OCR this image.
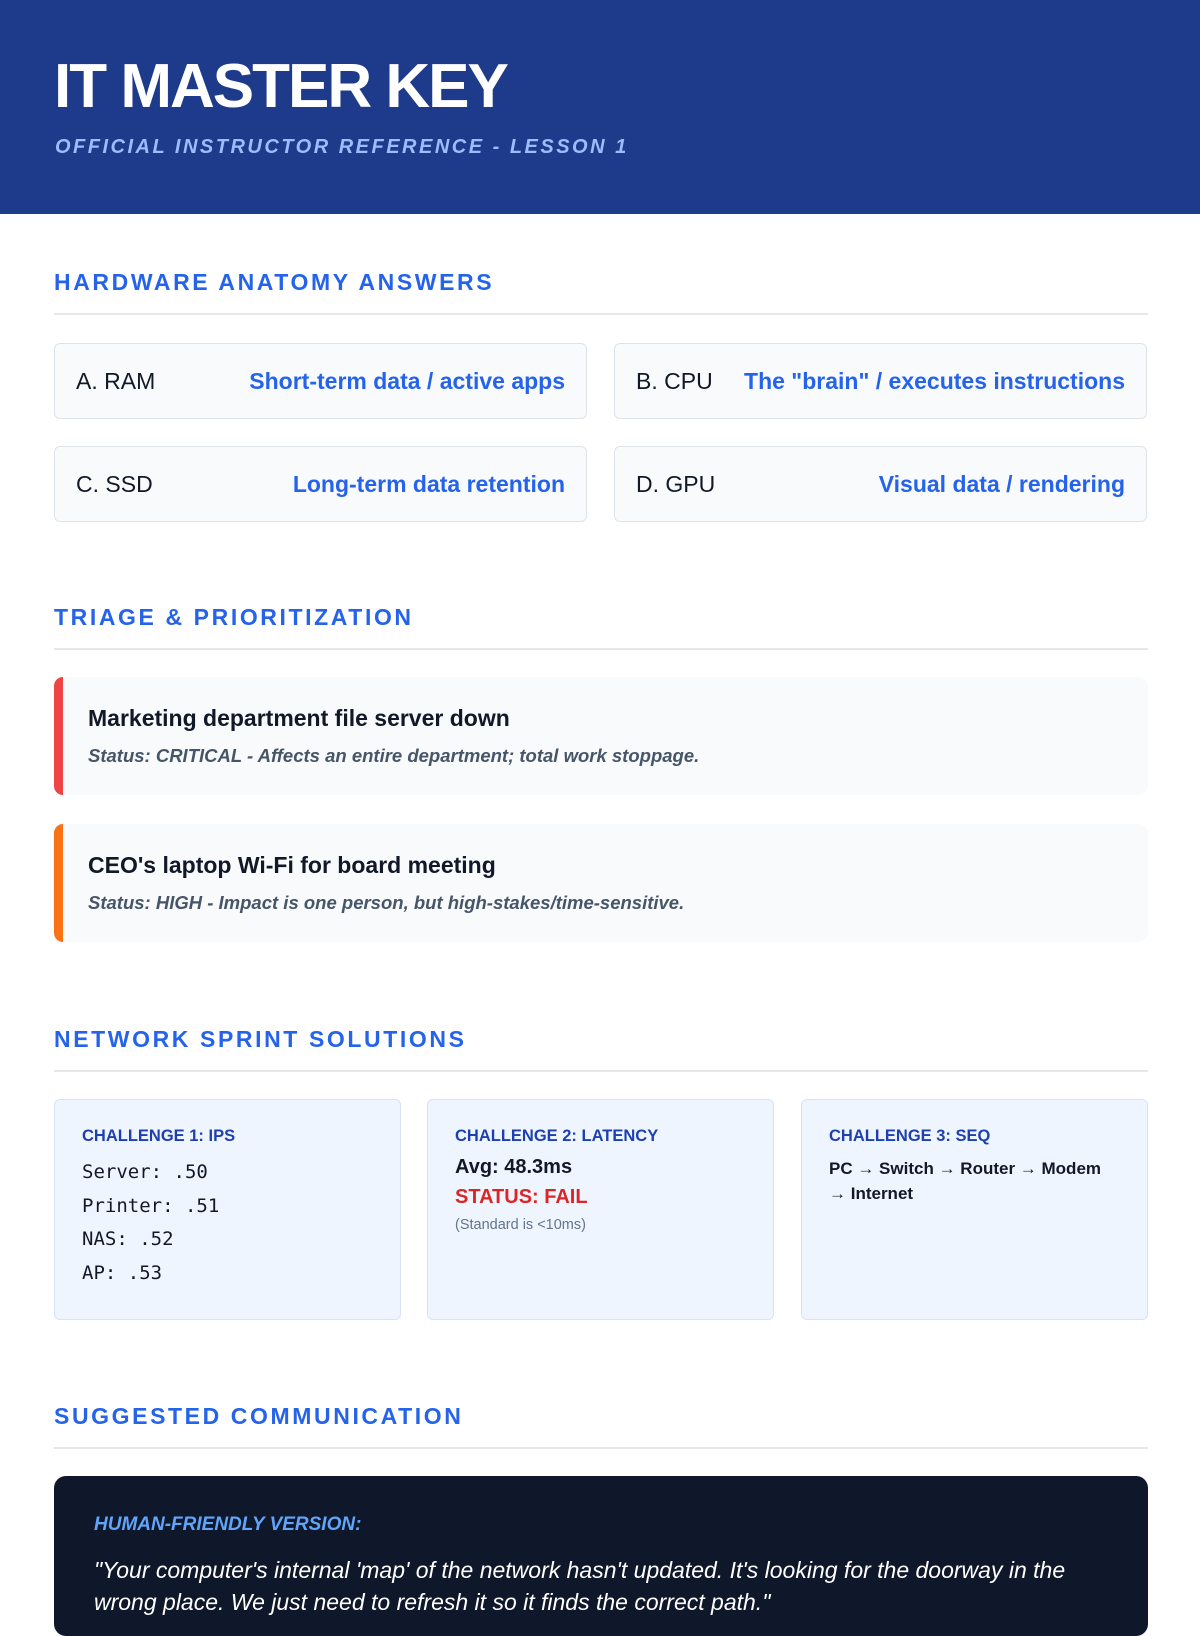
IT MASTER KEY
OFFICIAL INSTRUCTOR REFERENCE - LESSON 1
HARDWARE ANATOMY ANSWERS
A. RAM	Short-term data / active apps	B. CPU The "brain" / executes instructions
C. SSD	Long-term data retention	D. GPU	Visual data / rendering
TRIAGE & PRIORITIZATION
Marketing department file server down
Status: CRITICAL - Affects an entire department; total work stoppage.
CEO's laptop Wi-Fi for board meeting
Status: HIGH - Impact is one person, but high-stakes/time-sensitive.
NETWORK SPRINT SOLUTIONS
CHALLENGE 1: IPS
Server: .50
Printer: .51
NAS: .52
AP: .53
CHALLENGE 2: LATENCY
Avg: 48.3ms
STATUS: FAIL
(Standard is <10ms)
CHALLENGE 3: SEQ
PC → Switch → Router → Modem → Internet
SUGGESTED COMMUNICATION
HUMAN-FRIENDLY VERSION:
"Your computer's internal 'map' of the network hasn't updated. It's looking for the doorway in the wrong place. We just need to refresh it so it finds the correct path."
